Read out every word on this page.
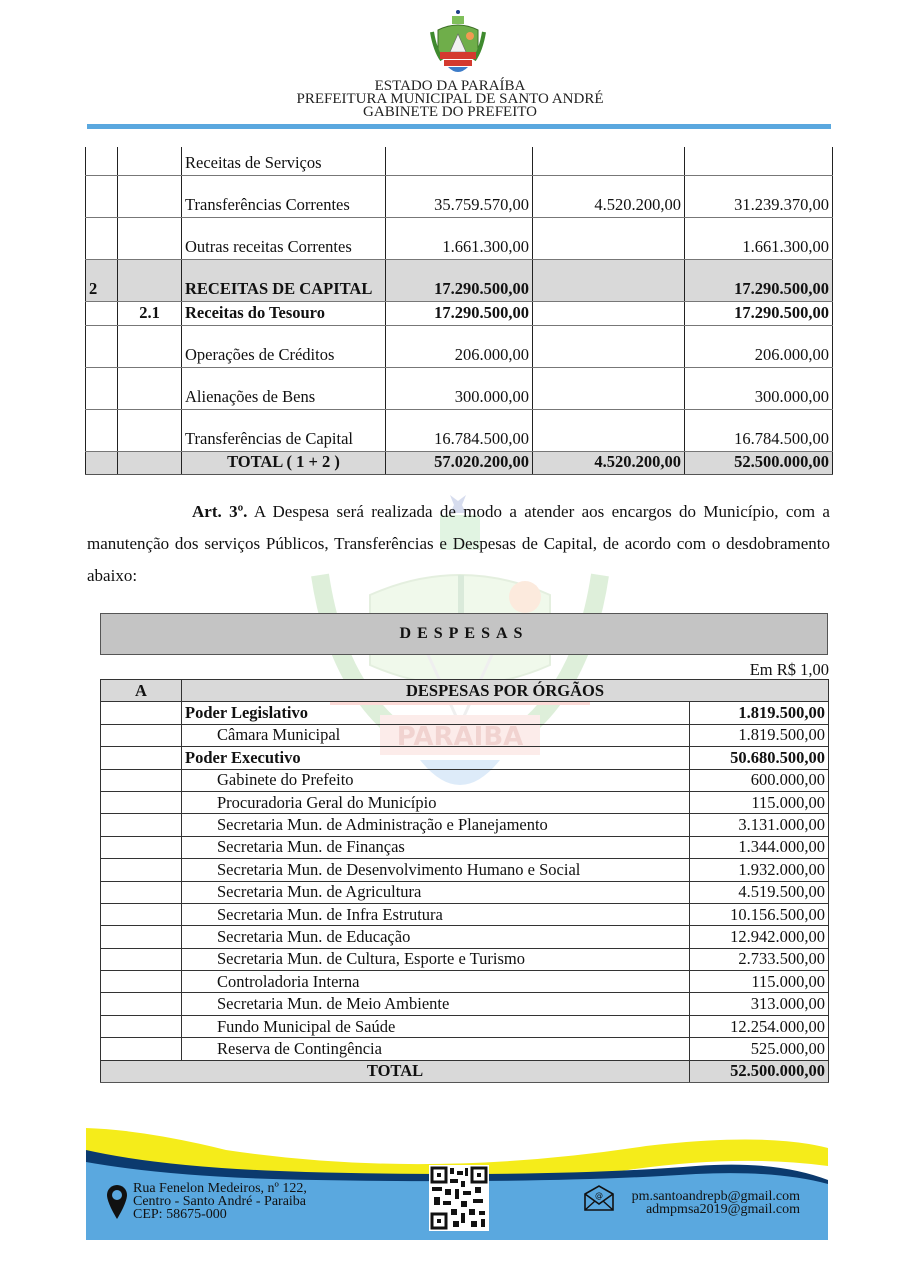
ESTADO DA PARAÍBA
PREFEITURA MUNICIPAL DE SANTO ANDRÉ
GABINETE DO PREFEITO
PARAIBA
		Receitas de Serviços			
		Transferências Correntes	35.759.570,00	4.520.200,00	31.239.370,00
		Outras receitas Correntes	1.661.300,00		1.661.300,00
2		RECEITAS DE CAPITAL	17.290.500,00		17.290.500,00
	2.1	Receitas do Tesouro	17.290.500,00		17.290.500,00
		Operações de Créditos	206.000,00		206.000,00
		Alienações de Bens	300.000,00		300.000,00
		Transferências de Capital	16.784.500,00		16.784.500,00
		TOTAL ( 1 + 2 )	57.020.200,00	4.520.200,00	52.500.000,00
Art. 3º. A Despesa será realizada de modo a atender aos encargos do Município, com a manutenção dos serviços Públicos, Transferências e Despesas de Capital, de acordo com o desdobramento abaixo:
DESPESAS
Em R$ 1,00
A	DESPESAS POR ÓRGÃOS	
	Poder Legislativo	1.819.500,00
	Câmara Municipal	1.819.500,00
	Poder Executivo	50.680.500,00
	Gabinete do Prefeito	600.000,00
	Procuradoria Geral do Município	115.000,00
	Secretaria Mun. de Administração e Planejamento	3.131.000,00
	Secretaria Mun. de Finanças	1.344.000,00
	Secretaria Mun. de Desenvolvimento Humano e Social	1.932.000,00
	Secretaria Mun. de Agricultura	4.519.500,00
	Secretaria Mun. de Infra Estrutura	10.156.500,00
	Secretaria Mun. de Educação	12.942.000,00
	Secretaria Mun. de Cultura, Esporte e Turismo	2.733.500,00
	Controladoria Interna	115.000,00
	Secretaria Mun. de Meio Ambiente	313.000,00
	Fundo Municipal de Saúde	12.254.000,00
	Reserva de Contingência	525.000,00
TOTAL		52.500.000,00
Rua Fenelon Medeiros, nº 122,
Centro - Santo André - Paraiba
CEP: 58675-000
@ pm.santoandrepb@gmail.com
admpmsa2019@gmail.com
